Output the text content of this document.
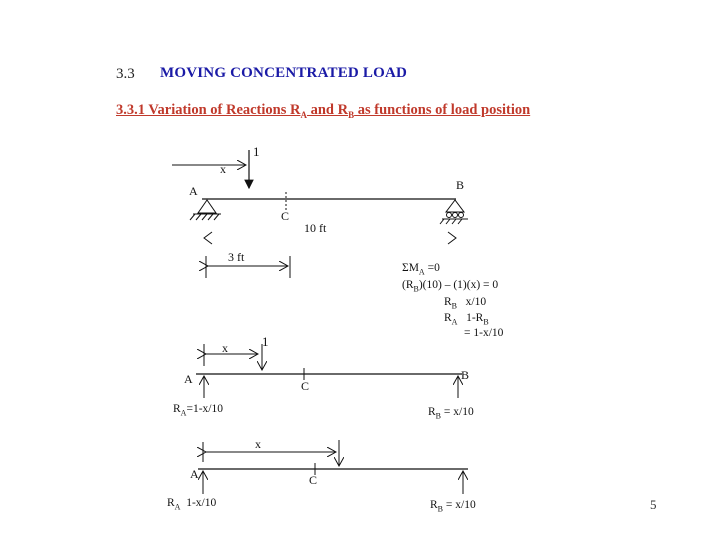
3.3 MOVING CONCENTRATED LOAD
3.3.1 Variation of Reactions $R_A$ and $R_B$ as functions of load position
1
x
A	B
C
10 ft
3 ft
$\Sigma M_A =0$
$(R_B)(10) - (1)(x) = 0$
$R_B$   x/10
$R_A$   $1-R_B$
= 1-x/10
x	1
A	B
C
$R_A=1-x/10$	$R_B = x/10$
x
A	C
$R_A$  1-x/10	$R_B = x/10$	5
